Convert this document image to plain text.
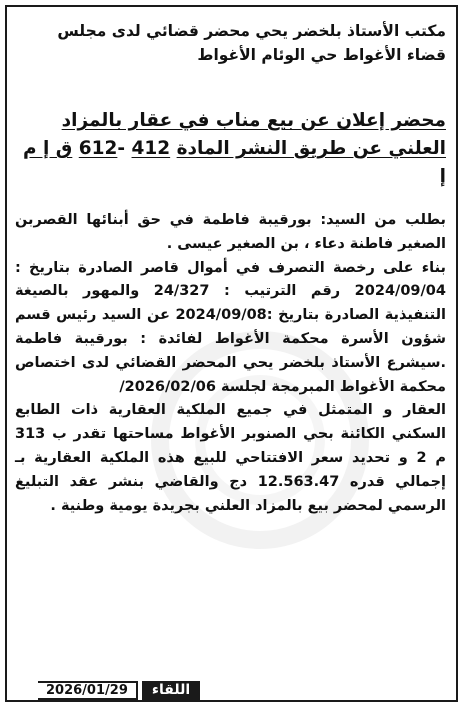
مكتب الأستاذ بلخضر يحي محضر قضائي لدى مجلس
قضاء الأغواط حي الوئام الأغواط
محضر إعلان عن بيع مناب في عقار بالمزاد
العلني عن طريق النشر المادة 412 -612 ق إ م إ

بطلب من السيد: بورقيبة فاطمة في حق أبنائها القصربن الصغير فاطنة دعاء ، بن الصغير عيسى .

بناء على رخصة التصرف في أموال قاصر الصادرة بتاريخ : 2024/09/04 رقم الترتيب : 24/327 والمهور بالصيغة التنفيذية الصادرة بتاريخ :2024/09/08 عن السيد رئيس قسم شؤون الأسرة محكمة الأغواط لفائدة : بورقيبة فاطمة .سيشرع الأستاذ بلخضر يحي المحضر القضائي لدى اختصاص محكمة الأغواط المبرمجة لجلسة 2026/02/06/

العقار و المتمثل في جميع الملكية العقارية ذات الطابع السكني الكائنة بحي الصنوبر الأغواط مساحتها تقدر ب 313 م 2 و تحديد سعر الافتتاحي للبيع هذه الملكية العقارية بـ إجمالي قدره 12.563.47 دج والقاضي بنشر عقد التبليغ الرسمي لمحضر بيع بالمزاد العلني بجريدة يومية وطنية .

2026/01/29	اللقاء
